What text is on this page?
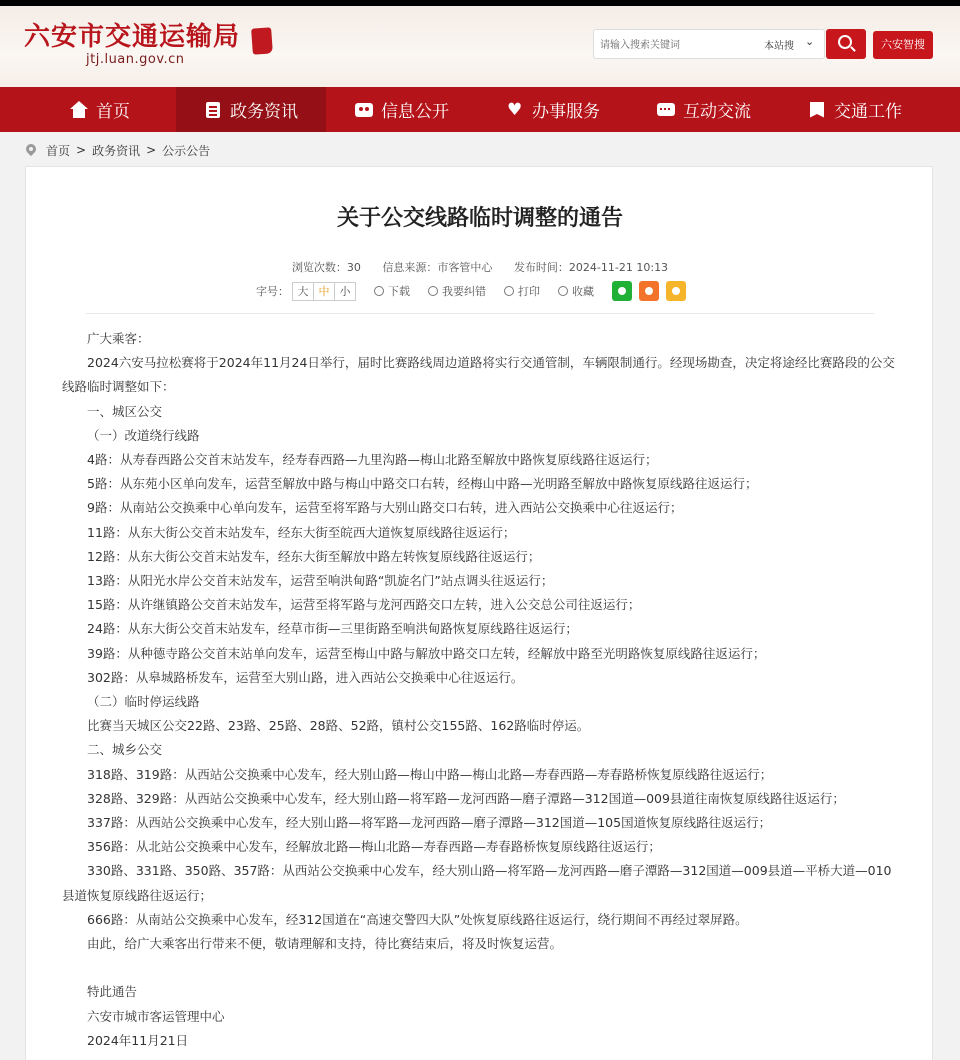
六安市交通运输局
jtj.luan.gov.cn
请输入搜索关键词
本站搜 ⌄	六安智搜
首页	政务资讯	信息公开	♥ 办事服务	互动交流	交通工作
首页 > 政务资讯 > 公示公告
关于公交线路临时调整的通告
浏览次数：30 信息来源：市客管中心 发布时间：2024-11-21 10:13
字号： 大 中 小	下载	我要纠错	打印	收藏

广大乘客：

2024六安马拉松赛将于2024年11月24日举行，届时比赛路线周边道路将实行交通管制，车辆限制通行。经现场勘查，决定将途经比赛路段的公交线路临时调整如下：

一、城区公交

（一）改道绕行线路

4路：从寿春西路公交首末站发车，经寿春西路—九里沟路—梅山北路至解放中路恢复原线路往返运行；

5路：从东苑小区单向发车，运营至解放中路与梅山中路交口右转，经梅山中路—光明路至解放中路恢复原线路往返运行；

9路：从南站公交换乘中心单向发车，运营至将军路与大别山路交口右转，进入西站公交换乘中心往返运行；

11路：从东大街公交首末站发车，经东大街至皖西大道恢复原线路往返运行；

12路：从东大街公交首末站发车，经东大街至解放中路左转恢复原线路往返运行；

13路：从阳光水岸公交首末站发车，运营至响洪甸路“凯旋名门”站点调头往返运行；

15路：从许继镇路公交首末站发车，运营至将军路与龙河西路交口左转，进入公交总公司往返运行；

24路：从东大街公交首末站发车，经草市街—三里街路至响洪甸路恢复原线路往返运行；

39路：从种德寺路公交首末站单向发车，运营至梅山中路与解放中路交口左转，经解放中路至光明路恢复原线路往返运行；

302路：从皋城路桥发车，运营至大别山路，进入西站公交换乘中心往返运行。

（二）临时停运线路

比赛当天城区公交22路、23路、25路、28路、52路，镇村公交155路、162路临时停运。

二、城乡公交

318路、319路：从西站公交换乘中心发车，经大别山路—梅山中路—梅山北路—寿春西路—寿春路桥恢复原线路往返运行；

328路、329路：从西站公交换乘中心发车，经大别山路—将军路—龙河西路—磨子潭路—312国道—009县道往南恢复原线路往返运行；

337路：从西站公交换乘中心发车，经大别山路—将军路—龙河西路—磨子潭路—312国道—105国道恢复原线路往返运行；

356路：从北站公交换乘中心发车，经解放北路—梅山北路—寿春西路—寿春路桥恢复原线路往返运行；

330路、331路、350路、357路：从西站公交换乘中心发车，经大别山路—将军路—龙河西路—磨子潭路—312国道—009县道—平桥大道—010县道恢复原线路往返运行；

666路：从南站公交换乘中心发车，经312国道在“高速交警四大队”处恢复原线路往返运行，绕行期间不再经过翠屏路。

由此，给广大乘客出行带来不便，敬请理解和支持，待比赛结束后，将及时恢复运营。

特此通告

六安市城市客运管理中心

2024年11月21日
